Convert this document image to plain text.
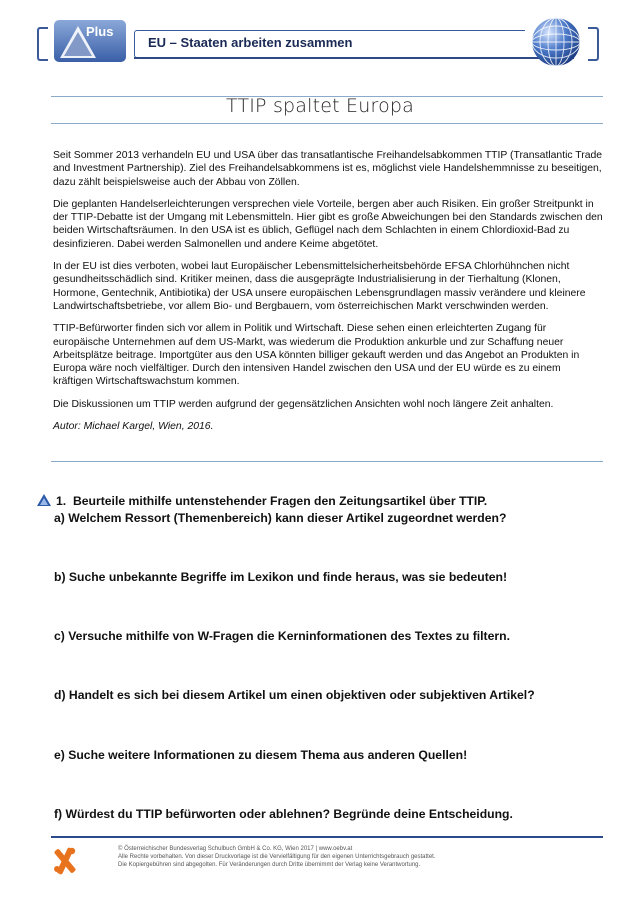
Plus
EU – Staaten arbeiten zusammen
TTIP spaltet Europa

Seit Sommer 2013 verhandeln EU und USA über das transatlantische Freihandelsabkommen TTIP (Transatlantic Trade and Investment Partnership). Ziel des Freihandelsabkommens ist es, möglichst viele Handelshemmnisse zu beseitigen, dazu zählt beispielsweise auch der Abbau von Zöllen.

Die geplanten Handelserleichterungen versprechen viele Vorteile, bergen aber auch Risiken. Ein großer Streitpunkt in der TTIP-Debatte ist der Umgang mit Lebensmitteln. Hier gibt es große Abweichungen bei den Standards zwischen den beiden Wirtschaftsräumen. In den USA ist es üblich, Geflügel nach dem Schlachten in einem Chlordioxid-Bad zu desinfizieren. Dabei werden Salmonellen und andere Keime abgetötet.

In der EU ist dies verboten, wobei laut Europäischer Lebensmittelsicherheitsbehörde EFSA Chlorhühnchen nicht gesundheitsschädlich sind. Kritiker meinen, dass die ausgeprägte Industrialisierung in der Tierhaltung (Klonen, Hormone, Gentechnik, Antibiotika) der USA unsere europäischen Lebensgrundlagen massiv verändere und kleinere Landwirtschaftsbetriebe, vor allem Bio- und Bergbauern, vom österreichischen Markt verschwinden werden.

TTIP-Befürworter finden sich vor allem in Politik und Wirtschaft. Diese sehen einen erleichterten Zugang für europäische Unternehmen auf dem US-Markt, was wiederum die Produktion ankurble und zur Schaffung neuer Arbeitsplätze beitrage. Importgüter aus den USA könnten billiger gekauft werden und das Angebot an Produkten in Europa wäre noch vielfältiger. Durch den intensiven Handel zwischen den USA und der EU würde es zu einem kräftigen Wirtschaftswachstum kommen.

Die Diskussionen um TTIP werden aufgrund der gegensätzlichen Ansichten wohl noch längere Zeit anhalten.

Autor: Michael Kargel, Wien, 2016.

1. Beurteile mithilfe untenstehender Fragen den Zeitungsartikel über TTIP.
a) Welchem Ressort (Themenbereich) kann dieser Artikel zugeordnet werden?
b) Suche unbekannte Begriffe im Lexikon und finde heraus, was sie bedeuten!
c) Versuche mithilfe von W-Fragen die Kerninformationen des Textes zu filtern.
d) Handelt es sich bei diesem Artikel um einen objektiven oder subjektiven Artikel?
e) Suche weitere Informationen zu diesem Thema aus anderen Quellen!
f) Würdest du TTIP befürworten oder ablehnen? Begründe deine Entscheidung.
© Österreichischer Bundesverlag Schulbuch GmbH & Co. KG, Wien 2017 | www.oebv.at
Alle Rechte vorbehalten. Von dieser Druckvorlage ist die Vervielfältigung für den eigenen Unterrichtsgebrauch gestattet.
Die Kopiergebühren sind abgegolten. Für Veränderungen durch Dritte übernimmt der Verlag keine Verantwortung.
